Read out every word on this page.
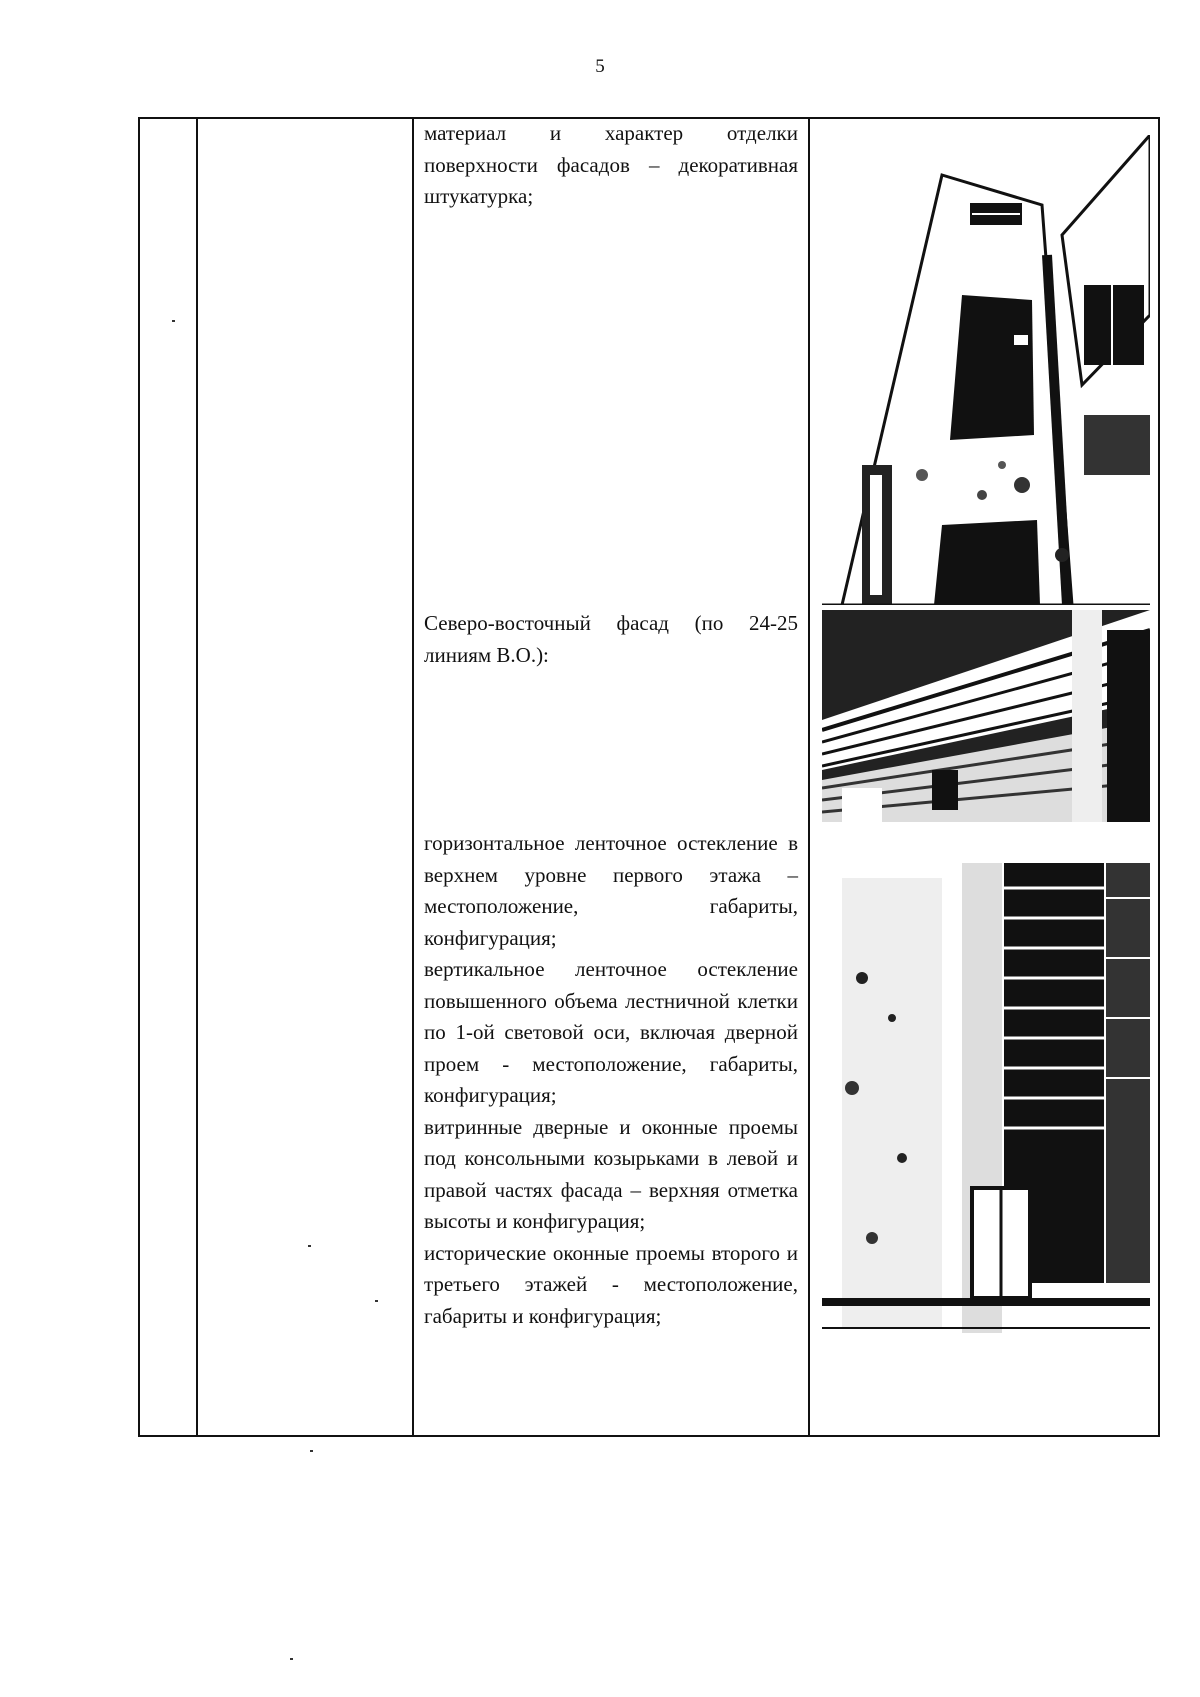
5

материал и характер отделки поверхности фасадов – декоративная штукатурка;

Северо-восточный фасад (по 24-25 линиям В.О.):

горизонтальное ленточное остекление в верхнем уровне первого этажа – местоположение, габариты, конфигурация;

вертикальное ленточное остекление повышенного объема лестничной клетки по 1-ой световой оси, включая дверной проем - местоположение, габариты, конфигурация;

витринные дверные и оконные проемы под консольными козырьками в левой и правой частях фасада – верхняя отметка высоты и конфигурация;

исторические оконные проемы второго и третьего этажей - местоположение, габариты и конфигурация;
